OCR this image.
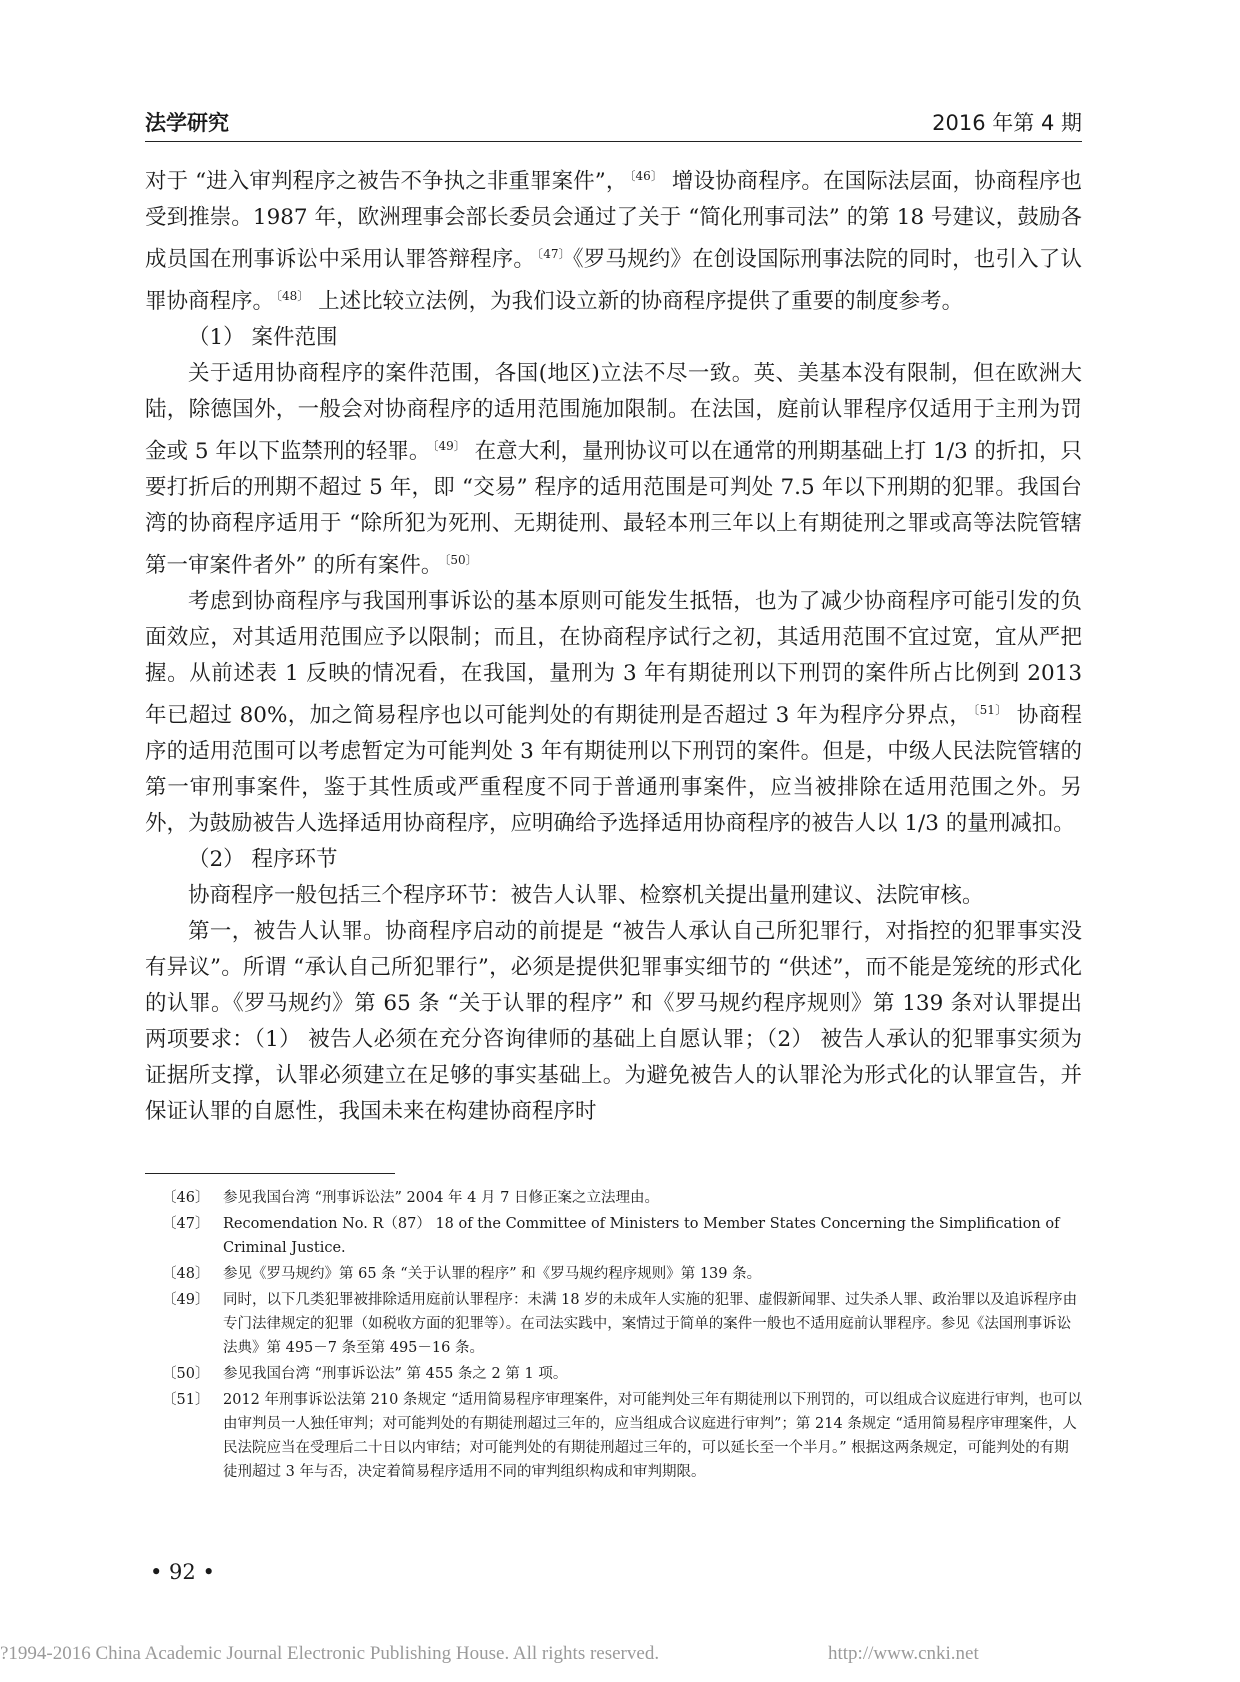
法学研究	2016 年第 4 期

对于 “进入审判程序之被告不争执之非重罪案件”， $^{〔46〕}$ 增设协商程序。在国际法层面，协商程序也受到推崇。1987 年，欧洲理事会部长委员会通过了关于 “简化刑事司法” 的第 18 号建议，鼓励各成员国在刑事诉讼中采用认罪答辩程序。 $^{〔47〕}$《罗马规约》在创设国际刑事法院的同时，也引入了认罪协商程序。 $^{〔48〕}$ 上述比较立法例，为我们设立新的协商程序提供了重要的制度参考。

（1） 案件范围

关于适用协商程序的案件范围，各国(地区)立法不尽一致。英、美基本没有限制，但在欧洲大陆，除德国外，一般会对协商程序的适用范围施加限制。在法国，庭前认罪程序仅适用于主刑为罚金或 5 年以下监禁刑的轻罪。 $^{〔49〕}$ 在意大利，量刑协议可以在通常的刑期基础上打 1/3 的折扣，只要打折后的刑期不超过 5 年，即 “交易” 程序的适用范围是可判处 7.5 年以下刑期的犯罪。我国台湾的协商程序适用于 “除所犯为死刑、无期徒刑、最轻本刑三年以上有期徒刑之罪或高等法院管辖第一审案件者外” 的所有案件。 $^{〔50〕}$

考虑到协商程序与我国刑事诉讼的基本原则可能发生抵牾，也为了减少协商程序可能引发的负面效应，对其适用范围应予以限制；而且，在协商程序试行之初，其适用范围不宜过宽，宜从严把握。从前述表 1 反映的情况看，在我国，量刑为 3 年有期徒刑以下刑罚的案件所占比例到 2013 年已超过 80%，加之简易程序也以可能判处的有期徒刑是否超过 3 年为程序分界点， $^{〔51〕}$ 协商程序的适用范围可以考虑暂定为可能判处 3 年有期徒刑以下刑罚的案件。但是，中级人民法院管辖的第一审刑事案件，鉴于其性质或严重程度不同于普通刑事案件，应当被排除在适用范围之外。另外，为鼓励被告人选择适用协商程序，应明确给予选择适用协商程序的被告人以 1/3 的量刑减扣。

（2） 程序环节

协商程序一般包括三个程序环节：被告人认罪、检察机关提出量刑建议、法院审核。

第一，被告人认罪。协商程序启动的前提是 “被告人承认自己所犯罪行，对指控的犯罪事实没有异议”。所谓 “承认自己所犯罪行”，必须是提供犯罪事实细节的 “供述”，而不能是笼统的形式化的认罪。《罗马规约》第 65 条 “关于认罪的程序” 和《罗马规约程序规则》第 139 条对认罪提出两项要求：（1） 被告人必须在充分咨询律师的基础上自愿认罪；（2） 被告人承认的犯罪事实须为证据所支撑，认罪必须建立在足够的事实基础上。为避免被告人的认罪沦为形式化的认罪宣告，并保证认罪的自愿性，我国未来在构建协商程序时

〔46〕 参见我国台湾 “刑事诉讼法” 2004 年 4 月 7 日修正案之立法理由。
〔47〕 Recomendation No. R（87） 18 of the Committee of Ministers to Member States Concerning the Simplification of Criminal Justice.
〔48〕 参见《罗马规约》第 65 条 “关于认罪的程序” 和《罗马规约程序规则》第 139 条。
〔49〕 同时，以下几类犯罪被排除适用庭前认罪程序：未满 18 岁的未成年人实施的犯罪、虚假新闻罪、过失杀人罪、政治罪以及追诉程序由专门法律规定的犯罪（如税收方面的犯罪等）。在司法实践中，案情过于简单的案件一般也不适用庭前认罪程序。参见《法国刑事诉讼法典》第 495－7 条至第 495－16 条。
〔50〕 参见我国台湾 “刑事诉讼法” 第 455 条之 2 第 1 项。
〔51〕 2012 年刑事诉讼法第 210 条规定 “适用简易程序审理案件，对可能判处三年有期徒刑以下刑罚的，可以组成合议庭进行审判，也可以由审判员一人独任审判；对可能判处的有期徒刑超过三年的，应当组成合议庭进行审判”；第 214 条规定 “适用简易程序审理案件，人民法院应当在受理后二十日以内审结；对可能判处的有期徒刑超过三年的，可以延长至一个半月。” 根据这两条规定，可能判处的有期徒刑超过 3 年与否，决定着简易程序适用不同的审判组织构成和审判期限。
• 92 •
?1994-2016 China Academic Journal Electronic Publishing House. All rights reserved.	http://www.cnki.net
